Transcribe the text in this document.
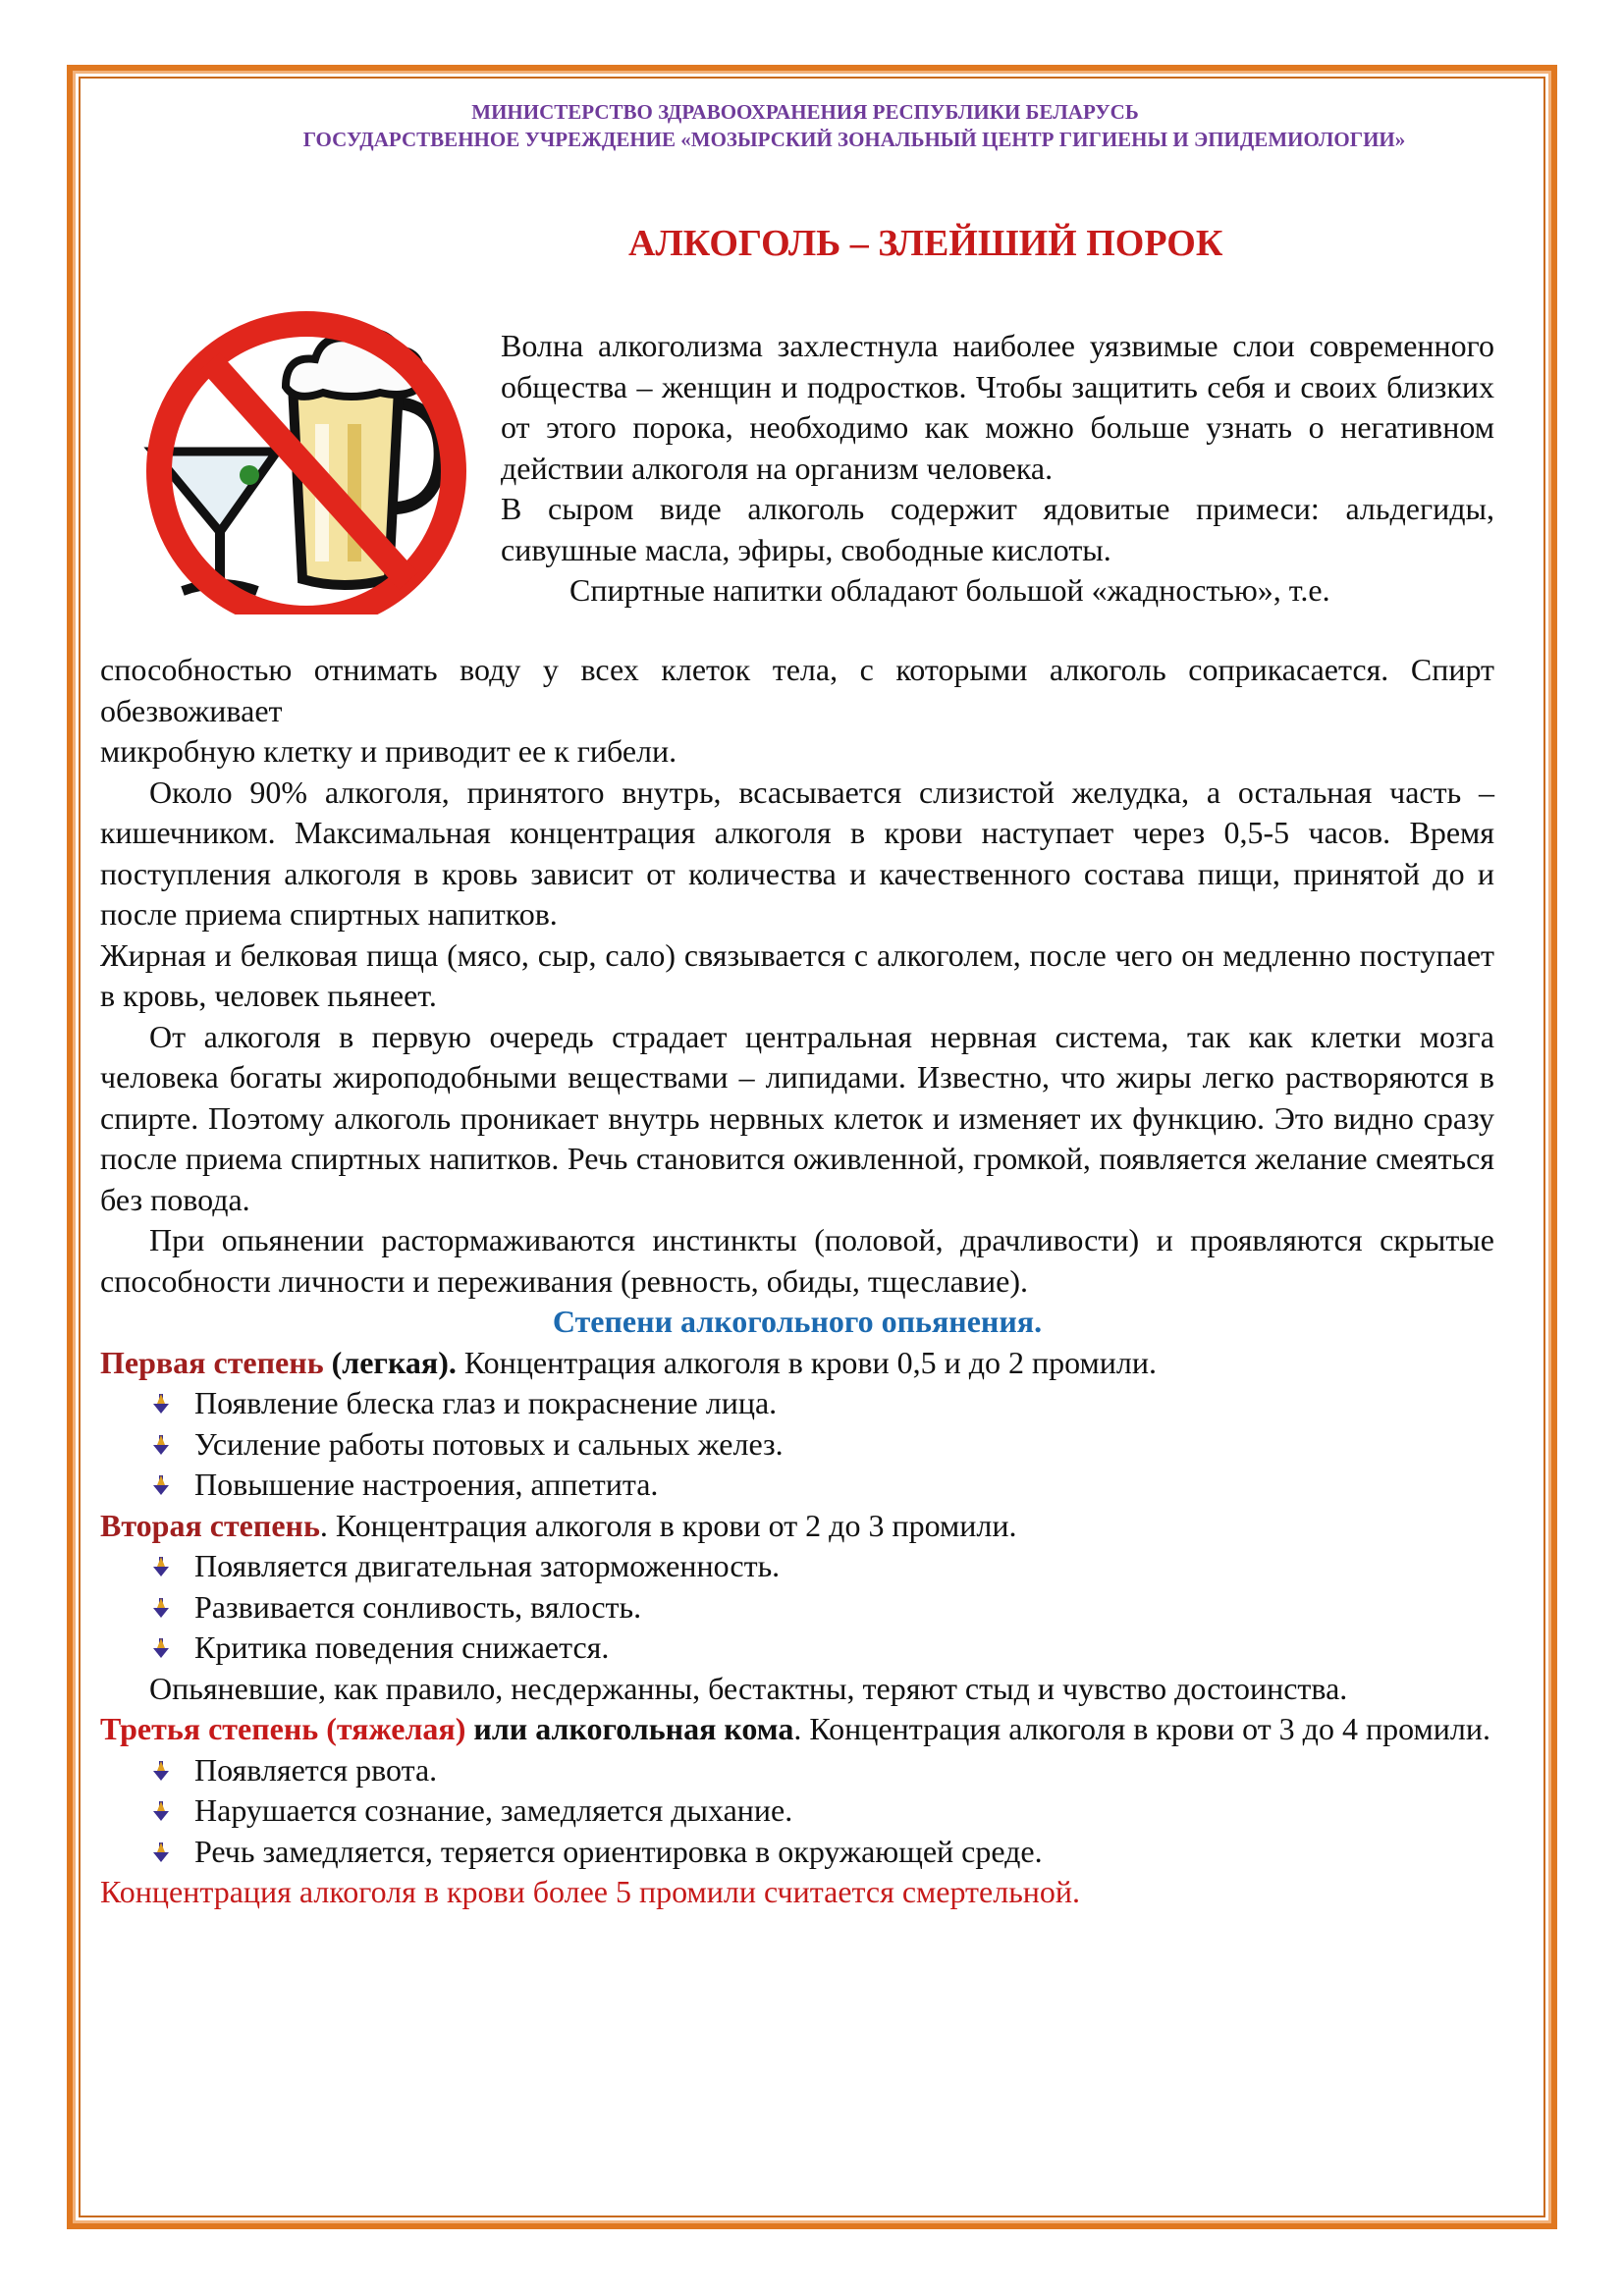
МИНИСТЕРСТВО ЗДРАВООХРАНЕНИЯ РЕСПУБЛИКИ БЕЛАРУСЬ
ГОСУДАРСТВЕННОЕ УЧРЕЖДЕНИЕ «МОЗЫРСКИЙ ЗОНАЛЬНЫЙ ЦЕНТР ГИГИЕНЫ И ЭПИДЕМИОЛОГИИ»
АЛКОГОЛЬ – ЗЛЕЙШИЙ ПОРОК

Волна алкоголизма захлестнула наиболее уязвимые слои современного общества – женщин и подростков. Чтобы защитить себя и своих близких от этого порока, необходимо как можно больше узнать о негативном действии алкоголя на организм человека.

В сыром виде алкоголь содержит ядовитые примеси: альдегиды, сивушные масла, эфиры, свободные кислоты.

Спиртные напитки обладают большой «жадностью», т.е.

способностью отнимать воду у всех клеток тела, с которыми алкоголь соприкасается. Спирт обезвоживает

микробную клетку и приводит ее к гибели.

Около 90% алкоголя, принятого внутрь, всасывается слизистой желудка, а остальная часть – кишечником. Максимальная концентрация алкоголя в крови наступает через 0,5-5 часов. Время поступления алкоголя в кровь зависит от количества и качественного состава пищи, принятой до и после приема спиртных напитков.

Жирная и белковая пища (мясо, сыр, сало) связывается с алкоголем, после чего он медленно поступает в кровь, человек пьянеет.

От алкоголя в первую очередь страдает центральная нервная система, так как клетки мозга человека богаты жироподобными веществами – липидами. Известно, что жиры легко растворяются в спирте. Поэтому алкоголь проникает внутрь нервных клеток и изменяет их функцию. Это видно сразу после приема спиртных напитков. Речь становится оживленной, громкой, появляется желание смеяться без повода.

При опьянении растормаживаются инстинкты (половой, драчливости) и проявляются скрытые способности личности и переживания (ревность, обиды, тщеславие).

Степени алкогольного опьянения.

Первая степень (легкая). Концентрация алкоголя в крови 0,5 и до 2 промили.

Появление блеска глаз и покраснение лица.
Усиление работы потовых и сальных желез.
Повышение настроения, аппетита.

Вторая степень. Концентрация алкоголя в крови от 2 до 3 промили.

Появляется двигательная заторможенность.
Развивается сонливость, вялость.
Критика поведения снижается.

Опьяневшие, как правило, несдержанны, бестактны, теряют стыд и чувство достоинства.

Третья степень (тяжелая) или алкогольная кома. Концентрация алкоголя в крови от 3 до 4 промили.

Появляется рвота.
Нарушается сознание, замедляется дыхание.
Речь замедляется, теряется ориентировка в окружающей среде.

Концентрация алкоголя в крови более 5 промили считается смертельной.
